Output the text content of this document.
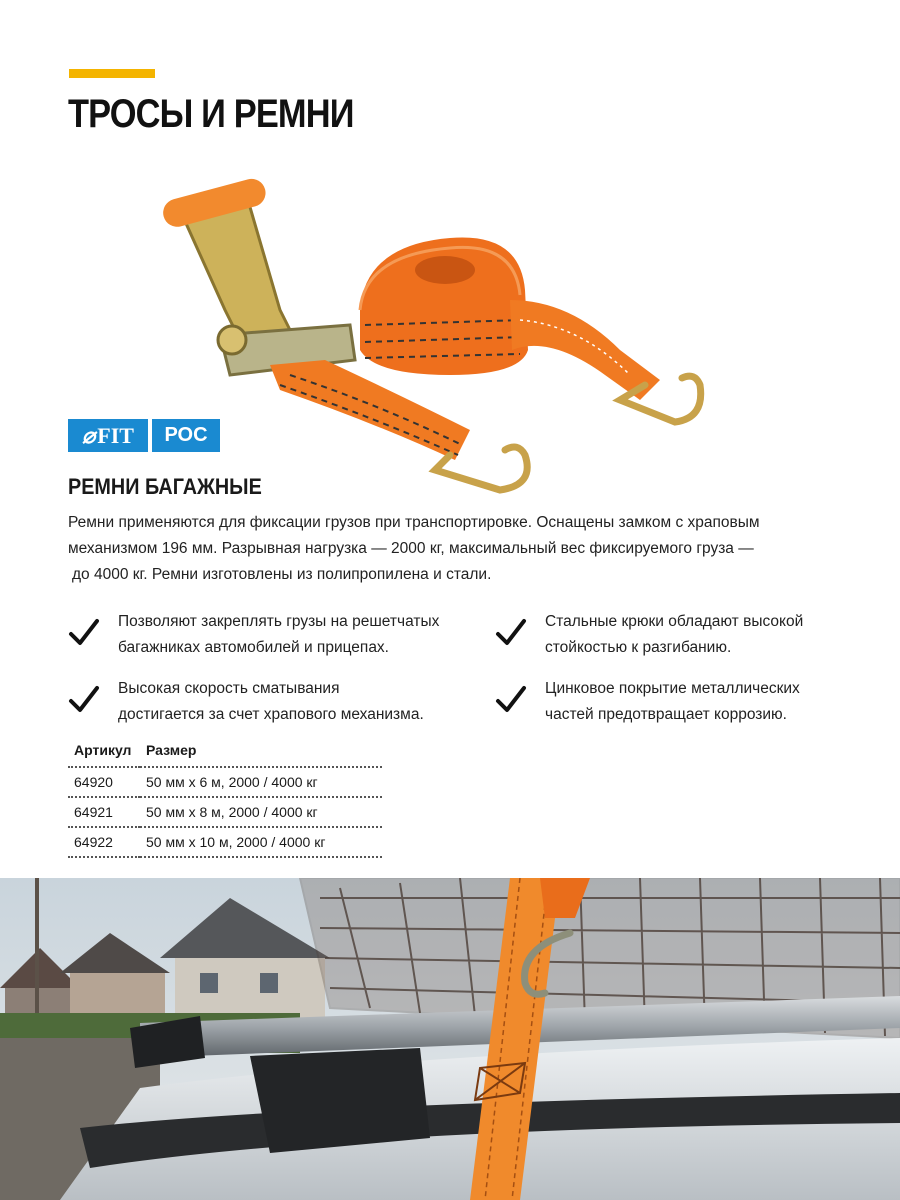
ТРОСЫ И РЕМНИ
⌀ FIT РОС
РЕМНИ БАГАЖНЫЕ

Ремни применяются для фиксации грузов при транспортировке. Оснащены замком с храповым
механизмом 196 мм. Разрывная нагрузка — 2000 кг, максимальный вес фиксируемого груза —
до 4000 кг. Ремни изготовлены из полипропилена и стали.

Позволяют закреплять грузы на решетчатых
багажниках автомобилей и прицепах.
Стальные крюки обладают высокой
стойкостью к разгибанию.
Высокая скорость сматывания
достигается за счет храпового механизма.
Цинковое покрытие металлических
частей предотвращает коррозию.
Артикул	Размер
64920	50 мм х 6 м, 2000 / 4000 кг
64921	50 мм х 8 м, 2000 / 4000 кг
64922	50 мм х 10 м, 2000 / 4000 кг
